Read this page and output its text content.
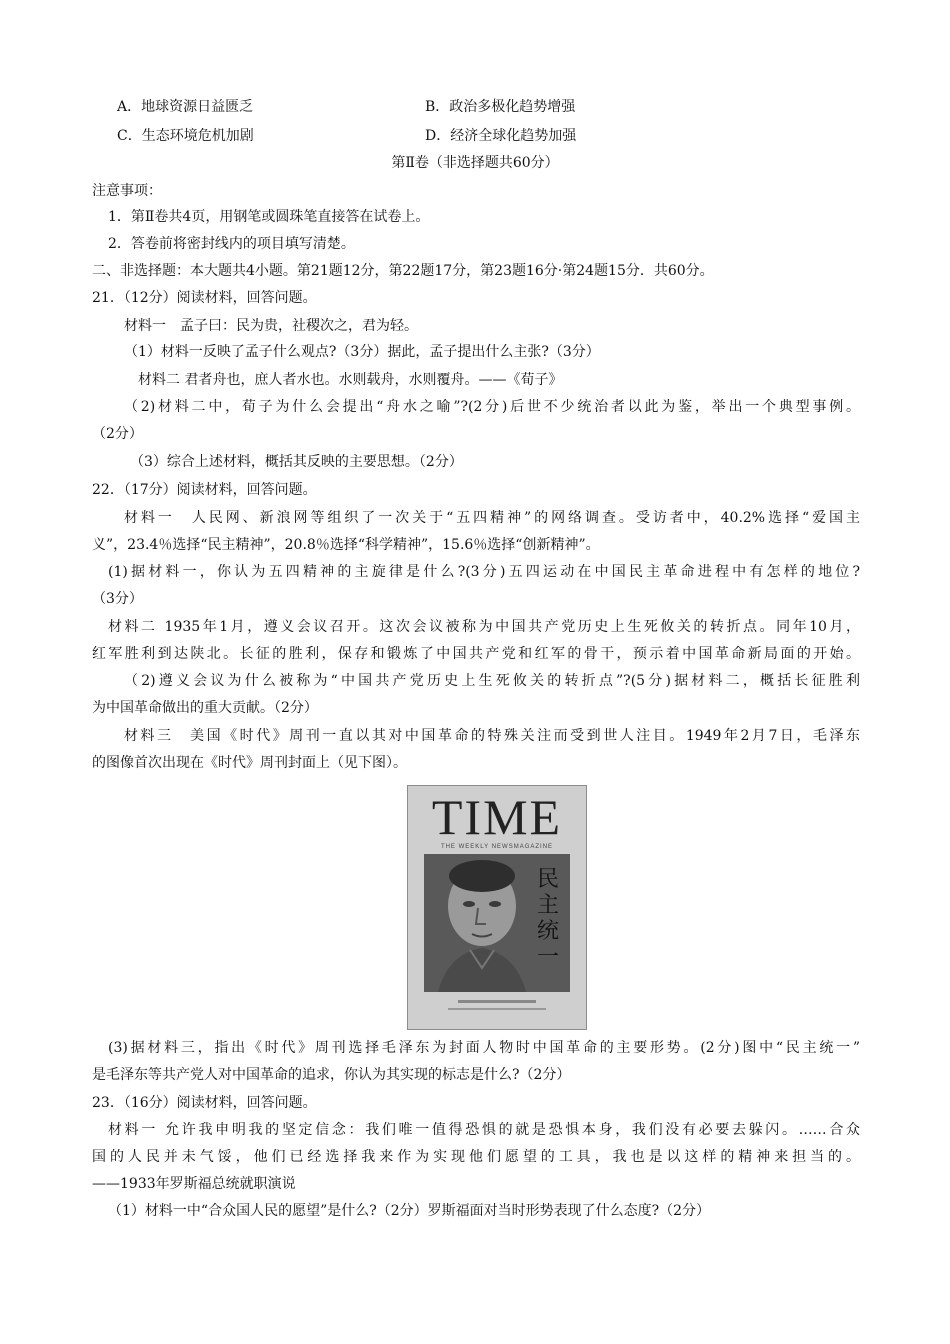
A．地球资源日益匮乏	B．政治多极化趋势增强
C．生态环境危机加剧	D．经济全球化趋势加强
第Ⅱ卷（非选择题共60分）
注意事项：
1．第Ⅱ卷共4页，用钢笔或圆珠笔直接答在试卷上。
2．答卷前将密封线内的项目填写清楚。
二、非选择题：本大题共4小题。第21题12分，第22题17分，第23题16分·第24题15分．共60分。
21．（12分）阅读材料，回答问题。
材料一　孟子曰：民为贵，社稷次之，君为轻。
（1）材料一反映了孟子什么观点?（3分）据此，孟子提出什么主张?（3分）
材料二 君者舟也，庶人者水也。水则载舟，水则覆舟。——《荀子》
（2)材料二中，荀子为什么会提出“舟水之喻”?(2分)后世不少统治者以此为鉴，举出一个典型事例。
（2分）
（3）综合上述材料，概括其反映的主要思想。（2分）
22．（17分）阅读材料，回答问题。
材料一　人民网、新浪网等组织了一次关于“五四精神”的网络调查。受访者中，40.2%选择“爱国主
义”，23.4％选择“民主精神”，20.8％选择“科学精神”，15.6％选择“创新精神”。
(1)据材料一，你认为五四精神的主旋律是什么?(3分)五四运动在中国民主革命进程中有怎样的地位?
（3分）
材料二 1935年1月，遵义会议召开。这次会议被称为中国共产党历史上生死攸关的转折点。同年10月，
红军胜利到达陕北。长征的胜利，保存和锻炼了中国共产党和红军的骨干，预示着中国革命新局面的开始。
（2)遵义会议为什么被称为“中国共产党历史上生死攸关的转折点”?(5分)据材料二，概括长征胜利
为中国革命做出的重大贡献。（2分）
材料三　美国《时代》周刊一直以其对中国革命的特殊关注而受到世人注目。1949年2月7日，毛泽东
的图像首次出现在《时代》周刊封面上（见下图）。
TIME
THE WEEKLY NEWSMAGAZINE
民
主
统
一
(3)据材料三，指出《时代》周刊选择毛泽东为封面人物时中国革命的主要形势。(2分)图中“民主统一”
是毛泽东等共产党人对中国革命的追求，你认为其实现的标志是什么?（2分）
23．（16分）阅读材料，回答问题。
材料一 允许我申明我的坚定信念：我们唯一值得恐惧的就是恐惧本身，我们没有必要去躲闪。……合众
国的人民并未气馁，他们已经选择我来作为实现他们愿望的工具，我也是以这样的精神来担当的。
——1933年罗斯福总统就职演说
（1）材料一中“合众国人民的愿望”是什么?（2分）罗斯福面对当时形势表现了什么态度?（2分）
